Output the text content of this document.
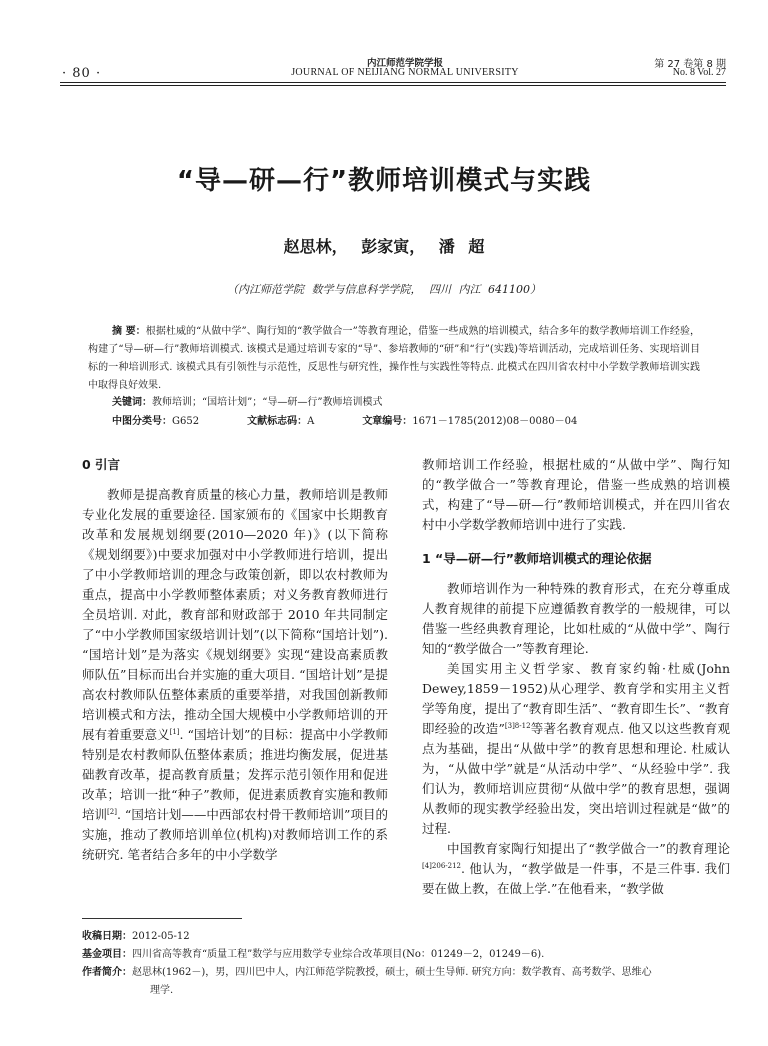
· 80 ·
内江师范学院学报
JOURNAL OF NEIJIANG NORMAL UNIVERSITY
第 27 卷第 8 期
No. 8 Vol. 27
“导—研—行”教师培训模式与实践
赵思林， 彭家寅， 潘 超
（内江师范学院 数学与信息科学学院， 四川 内江 641100）
摘 要：根据杜威的“从做中学”、陶行知的“教学做合一”等教育理论，借鉴一些成熟的培训模式，结合多年的数学教师培训工作经验，构建了“导—研—行”教师培训模式. 该模式是通过培训专家的“导”、参培教师的“研”和“行”(实践)等培训活动，完成培训任务、实现培训目标的一种培训形式. 该模式具有引领性与示范性，反思性与研究性，操作性与实践性等特点. 此模式在四川省农村中小学数学教师培训实践中取得良好效果.
关键词：教师培训；“国培计划”；“导—研—行”教师培训模式
中图分类号：G652	文献标志码：A	文章编号：1671－1785(2012)08－0080－04
0 引言

教师是提高教育质量的核心力量，教师培训是教师专业化发展的重要途径. 国家颁布的《国家中长期教育改革和发展规划纲要(2010—2020 年)》(以下简称《规划纲要》)中要求加强对中小学教师进行培训，提出了中小学教师培训的理念与政策创新，即以农村教师为重点，提高中小学教师整体素质；对义务教育教师进行全员培训. 对此，教育部和财政部于 2010 年共同制定了“中小学教师国家级培训计划”(以下简称“国培计划”). “国培计划”是为落实《规划纲要》实现“建设高素质教师队伍”目标而出台并实施的重大项目. “国培计划”是提高农村教师队伍整体素质的重要举措，对我国创新教师培训模式和方法，推动全国大规模中小学教师培训的开展有着重要意义[1]. “国培计划”的目标：提高中小学教师特别是农村教师队伍整体素质；推进均衡发展，促进基础教育改革，提高教育质量；发挥示范引领作用和促进改革；培训一批“种子”教师，促进素质教育实施和教师培训[2]. “国培计划——中西部农村骨干教师培训”项目的实施，推动了教师培训单位(机构)对教师培训工作的系统研究. 笔者结合多年的中小学数学

教师培训工作经验，根据杜威的“从做中学”、陶行知的“教学做合一”等教育理论，借鉴一些成熟的培训模式，构建了“导—研—行”教师培训模式，并在四川省农村中小学数学教师培训中进行了实践.

1 “导—研—行”教师培训模式的理论依据

教师培训作为一种特殊的教育形式，在充分尊重成人教育规律的前提下应遵循教育教学的一般规律，可以借鉴一些经典教育理论，比如杜威的“从做中学”、陶行知的“教学做合一”等教育理论.

美国实用主义哲学家、教育家约翰·杜威(John Dewey,1859－1952)从心理学、教育学和实用主义哲学等角度，提出了“教育即生活”、“教育即生长”、“教育即经验的改造”$^{[3]8-12}$等著名教育观点. 他又以这些教育观点为基础，提出“从做中学”的教育思想和理论. 杜威认为，“从做中学”就是“从活动中学”、“从经验中学”. 我们认为，教师培训应贯彻“从做中学”的教育思想，强调从教师的现实教学经验出发，突出培训过程就是“做”的过程.

中国教育家陶行知提出了“教学做合一”的教育理论$^{[4]206-212}$. 他认为，“教学做是一件事，不是三件事. 我们要在做上教，在做上学.”在他看来，“教学做

收稿日期：2012-05-12
基金项目：四川省高等教育“质量工程”数学与应用数学专业综合改革项目(No：01249－2，01249－6).
作者简介：赵思林(1962－)，男，四川巴中人，内江师范学院教授，硕士，硕士生导师. 研究方向：数学教育、高考数学、思维心
理学.
